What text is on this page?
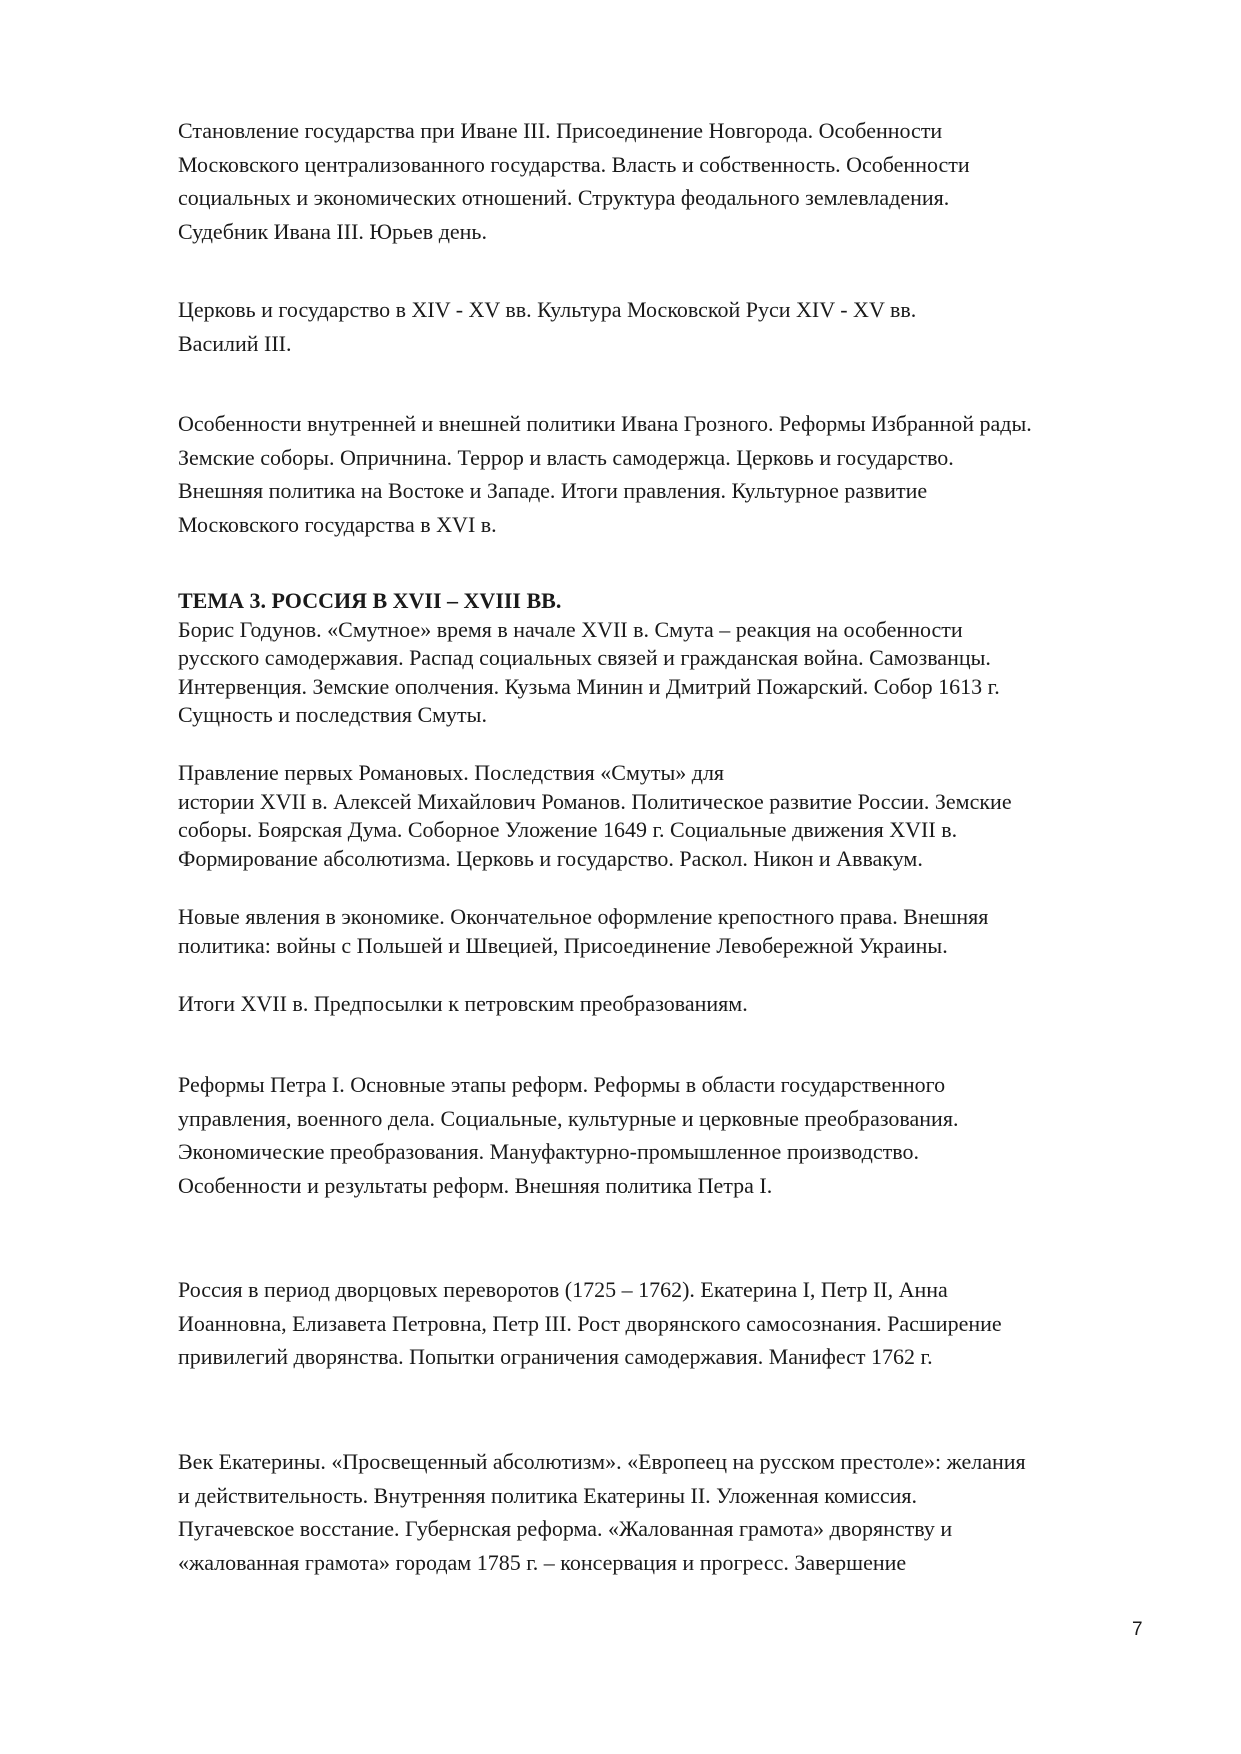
Становление государства при Иване III. Присоединение Новгорода. Особенности
Московского централизованного государства. Власть и собственность. Особенности
социальных и экономических отношений. Структура феодального землевладения.
Судебник Ивана III. Юрьев день.

Церковь и государство в XIV - XV вв. Культура Московской Руси XIV - XV вв.
Василий III.

Особенности внутренней и внешней политики Ивана Грозного. Реформы Избранной рады.
Земские соборы. Опричнина. Террор и власть самодержца. Церковь и государство.
Внешняя политика на Востоке и Западе. Итоги правления. Культурное развитие
Московского государства в XVI в.

ТЕМА 3. РОССИЯ В XVII – XVIII ВВ.
Борис Годунов. «Смутное» время в начале XVII в. Смута – реакция на особенности
русского самодержавия. Распад социальных связей и гражданская война. Самозванцы.
Интервенция. Земские ополчения. Кузьма Минин и Дмитрий Пожарский. Собор 1613 г.
Сущность и последствия Смуты.

Правление первых Романовых. Последствия «Смуты» для
истории XVII в. Алексей Михайлович Романов. Политическое развитие России. Земские
соборы. Боярская Дума. Соборное Уложение 1649 г. Социальные движения XVII в.
Формирование абсолютизма. Церковь и государство. Раскол. Никон и Аввакум.

Новые явления в экономике. Окончательное оформление крепостного права. Внешняя
политика: войны с Польшей и Швецией, Присоединение Левобережной Украины.

Итоги XVII в. Предпосылки к петровским преобразованиям.

Реформы Петра I. Основные этапы реформ. Реформы в области государственного
управления, военного дела. Социальные, культурные и церковные преобразования.
Экономические преобразования. Мануфактурно-промышленное производство.
Особенности и результаты реформ. Внешняя политика Петра I.

Россия в период дворцовых переворотов (1725 – 1762). Екатерина I, Петр II, Анна
Иоанновна, Елизавета Петровна, Петр III. Рост дворянского самосознания. Расширение
привилегий дворянства. Попытки ограничения самодержавия. Манифест 1762 г.

Век Екатерины. «Просвещенный абсолютизм». «Европеец на русском престоле»: желания
и действительность. Внутренняя политика Екатерины II. Уложенная комиссия.
Пугачевское восстание. Губернская реформа. «Жалованная грамота» дворянству и
«жалованная грамота» городам 1785 г. – консервация и прогресс. Завершение

7
